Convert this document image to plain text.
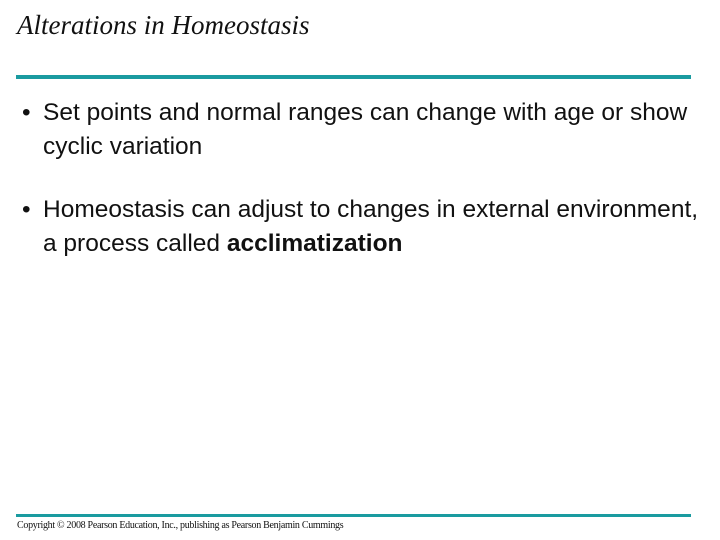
Alterations in Homeostasis
• Set points and normal ranges can change with age or show cyclic variation
• Homeostasis can adjust to changes in external environment, a process called acclimatization
Copyright © 2008 Pearson Education, Inc., publishing as Pearson Benjamin Cummings
